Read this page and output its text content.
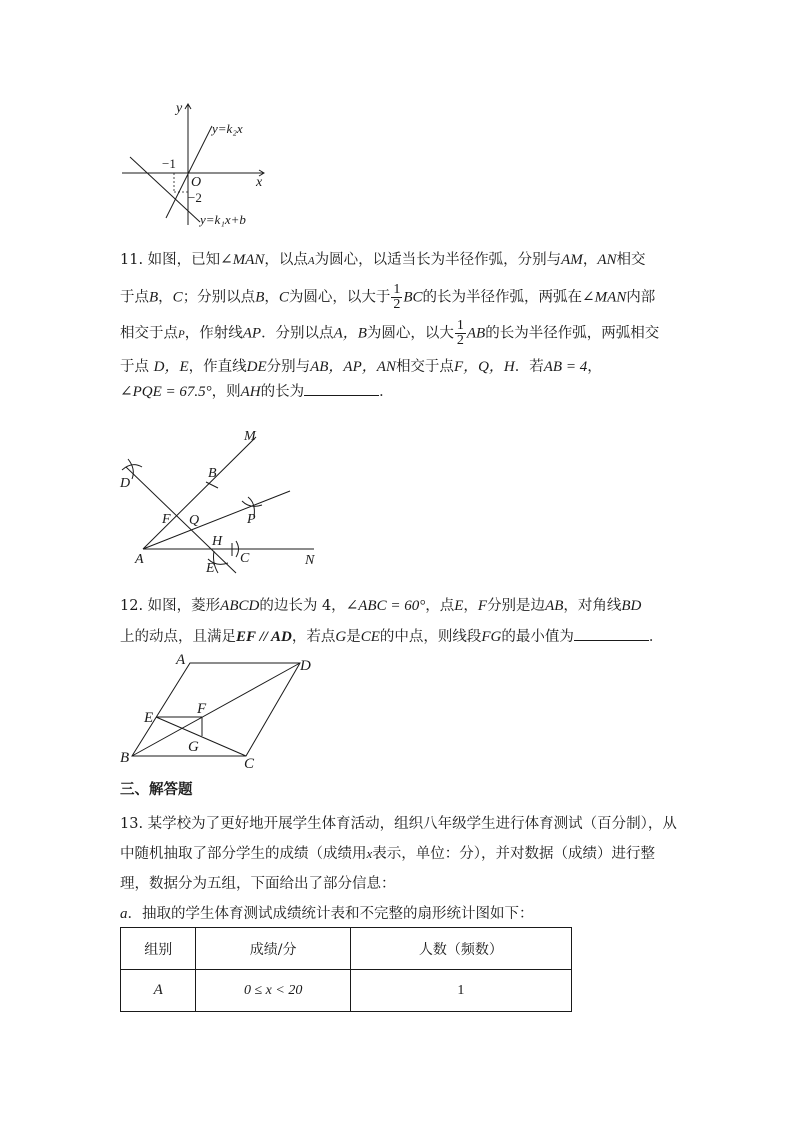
y
x
O
−1
−2
y=k₂x
y=k₁x+b
11. 如图，已知∠MAN，以点A为圆心，以适当长为半径作弧，分别与AM，AN相交
于点B，C；分别以点B，C为圆心，以大于 $\frac{1}{2}$ BC的长为半径作弧，两弧在∠MAN内部
相交于点P，作射线AP．分别以点A，B为圆心，以大 $\frac{1}{2}$ AB的长为半径作弧，两弧相交
于点 D，E，作直线DE分别与AB，AP，AN相交于点F，Q，H．若AB = 4，
∠PQE = 67.5°，则AH的长为	．
M
B
D
F Q	P
H
A	C	N
E
12. 如图，菱形ABCD的边长为 4，∠ABC = 60°，点E，F分别是边AB，对角线BD
上的动点，且满足EF // AD，若点G是CE的中点，则线段FG的最小值为	．
A	D
E
F
B
G
C
三、解答题
13. 某学校为了更好地开展学生体育活动，组织八年级学生进行体育测试（百分制），从中随机抽取了部分学生的成绩（成绩用x表示，单位：分），并对数据（成绩）进行整理，数据分为五组，下面给出了部分信息：
a．抽取的学生体育测试成绩统计表和不完整的扇形统计图如下：
组别	成绩/分	人数（频数）
A	0 ≤ x < 20	1
